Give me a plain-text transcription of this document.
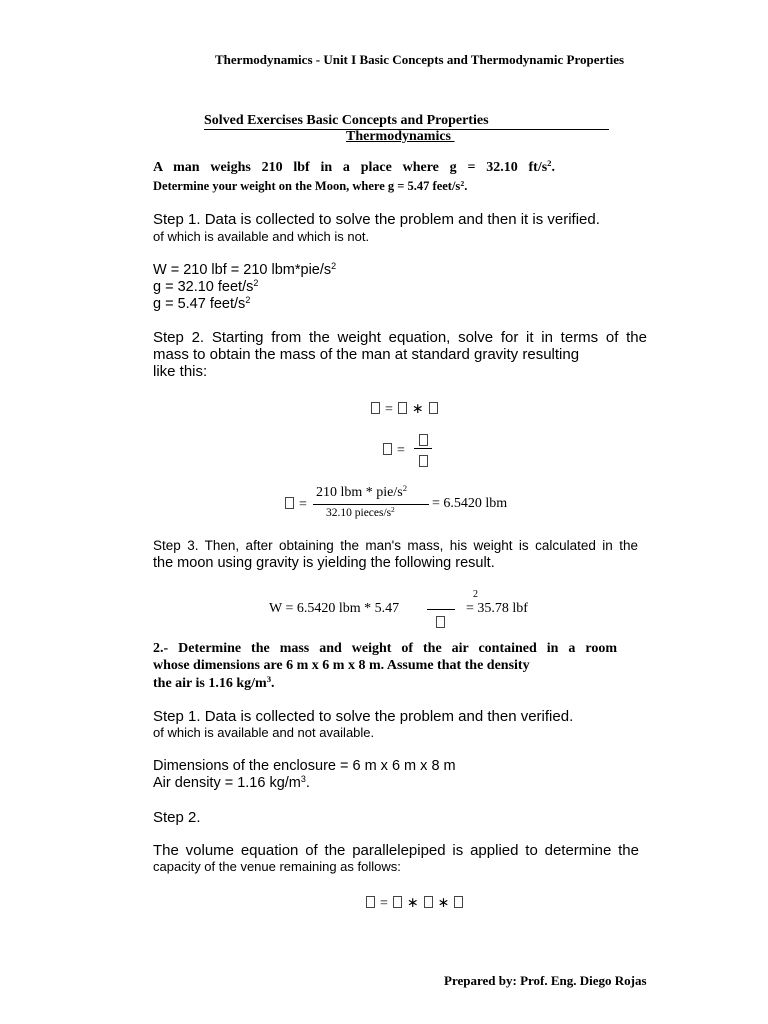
Thermodynamics - Unit I Basic Concepts and Thermodynamic Properties
Solved Exercises Basic Concepts and Properties
Thermodynamics
A man weighs 210 lbf in a place where g = 32.10 $ft/s^2$.
Determine your weight on the Moon, where g = 5.47 feet/$s^2$.
Step 1. Data is collected to solve the problem and then it is verified.
of which is available and which is not.
W = 210 lbf = 210 $lbm*pie/s^2$
g = 32.10 feet/$s^2$
g = 5.47 feet/$s^2$
Step 2. Starting from the weight equation, solve for it in terms of the
mass to obtain the mass of the man at standard gravity resulting
like this:
= ∗
=
=
210 lbm * pie/$s^2$
32.10 pieces/$s^2$	= 6.5420 lbm
Step 3. Then, after obtaining the man's mass, his weight is calculated in the
the moon using gravity is yielding the following result.
2
W = 6.5420 lbm * 5.47	= 35.78 lbf
2.- Determine the mass and weight of the air contained in a room
whose dimensions are 6 m x 6 m x 8 m. Assume that the density
the air is 1.16 $kg/m^3$.
Step 1. Data is collected to solve the problem and then verified.
of which is available and not available.
Dimensions of the enclosure = 6 m x 6 m x 8 m
Air density = 1.16 $kg/m^3$.
Step 2.
The volume equation of the parallelepiped is applied to determine the
capacity of the venue remaining as follows:
= ∗ ∗
Prepared by: Prof. Eng. Diego Rojas
